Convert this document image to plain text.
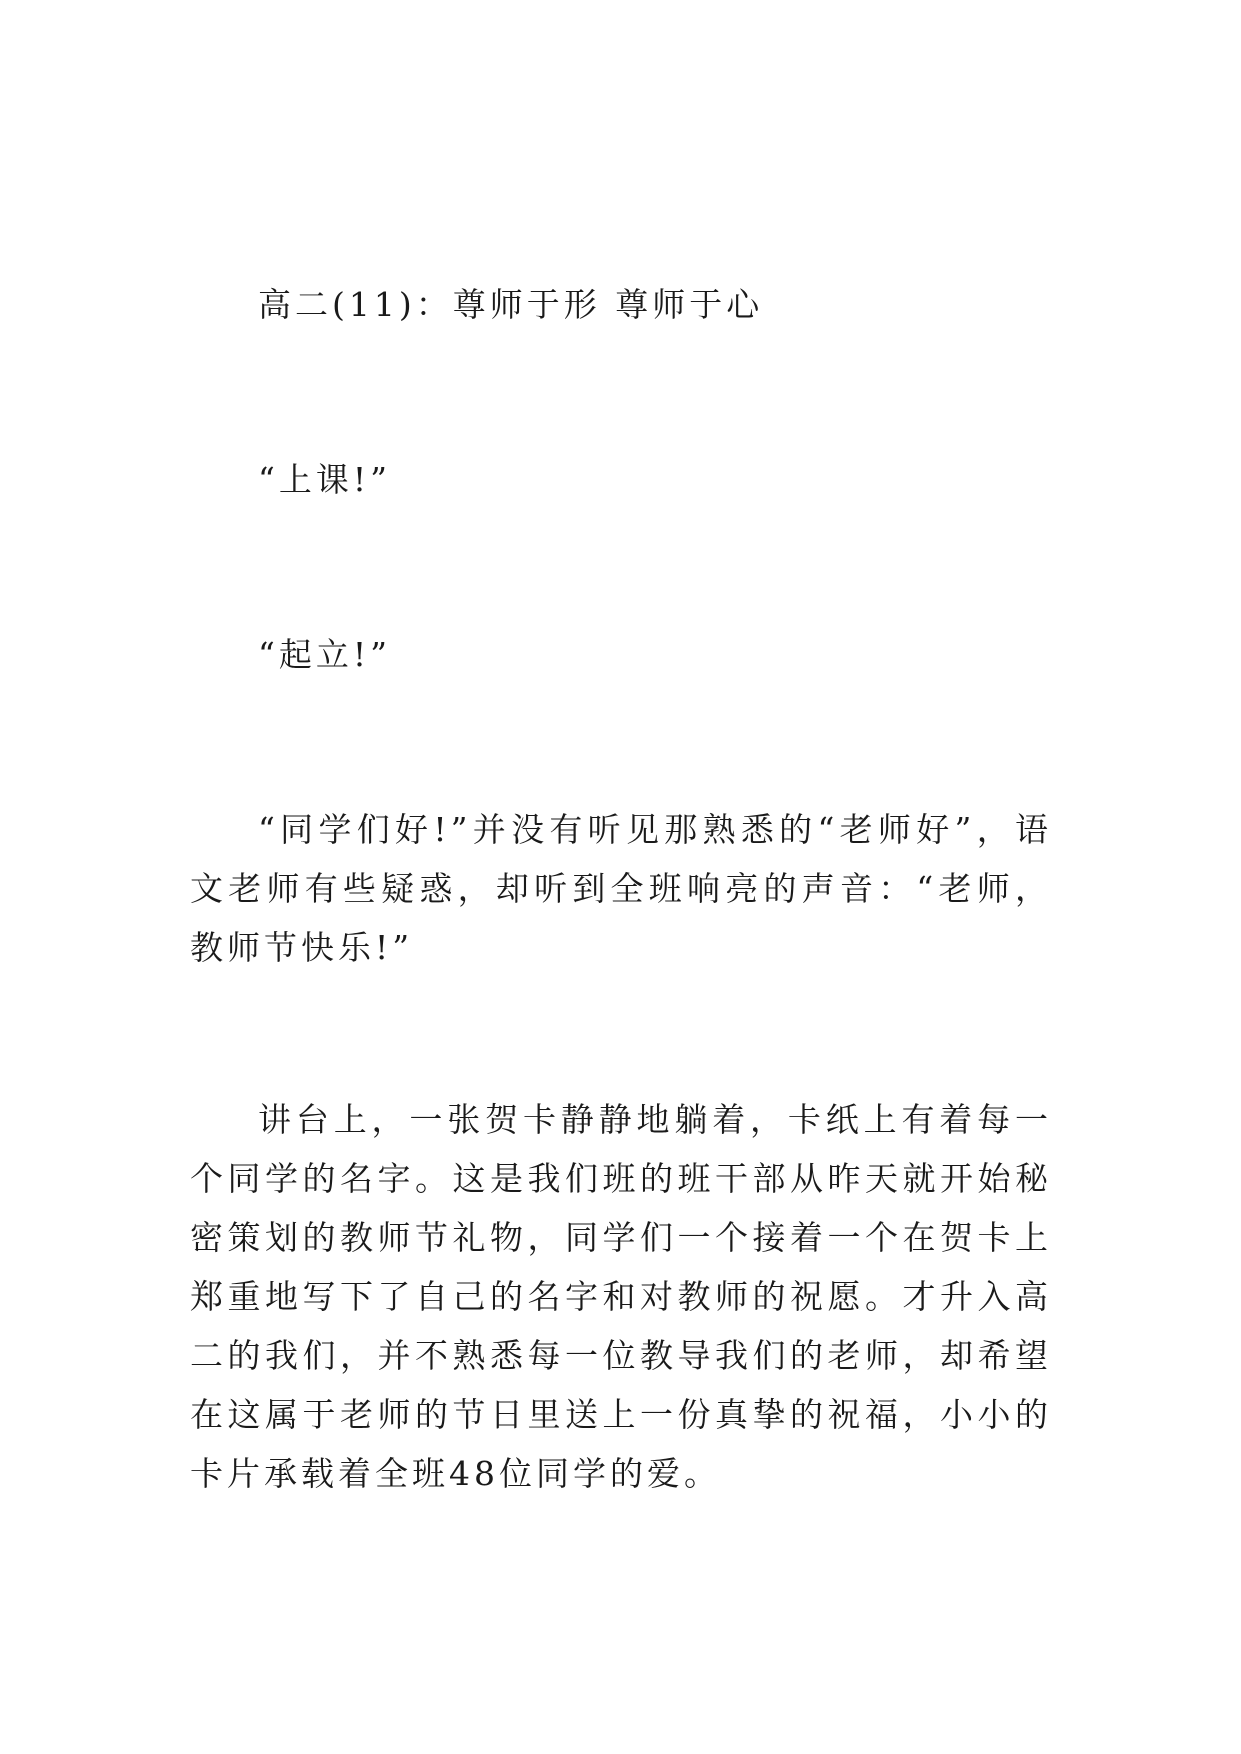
高二(11)：尊师于形 尊师于心

“上课!”

“起立!”

“同学们好!”并没有听见那熟悉的“老师好”，语文老师有些疑惑，却听到全班响亮的声音：“老师，教师节快乐!”

讲台上，一张贺卡静静地躺着，卡纸上有着每一个同学的名字。这是我们班的班干部从昨天就开始秘密策划的教师节礼物，同学们一个接着一个在贺卡上郑重地写下了自己的名字和对教师的祝愿。才升入高二的我们，并不熟悉每一位教导我们的老师，却希望在这属于老师的节日里送上一份真挚的祝福，小小的卡片承载着全班48位同学的爱。
